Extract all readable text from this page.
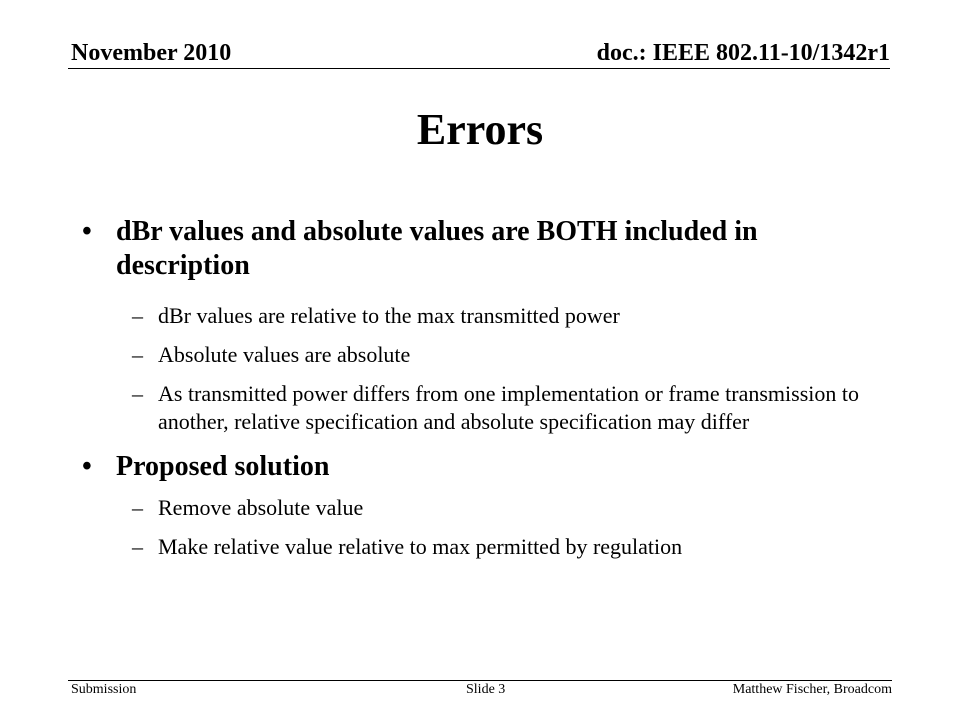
November 2010	doc.: IEEE 802.11-10/1342r1
Errors
• dBr values and absolute values are BOTH included in description
– dBr values are relative to the max transmitted power
– Absolute values are absolute
– As transmitted power differs from one implementation or frame transmission to another, relative specification and absolute specification may differ
• Proposed solution
– Remove absolute value
– Make relative value relative to max permitted by regulation
Submission	Slide 3	Matthew Fischer, Broadcom
